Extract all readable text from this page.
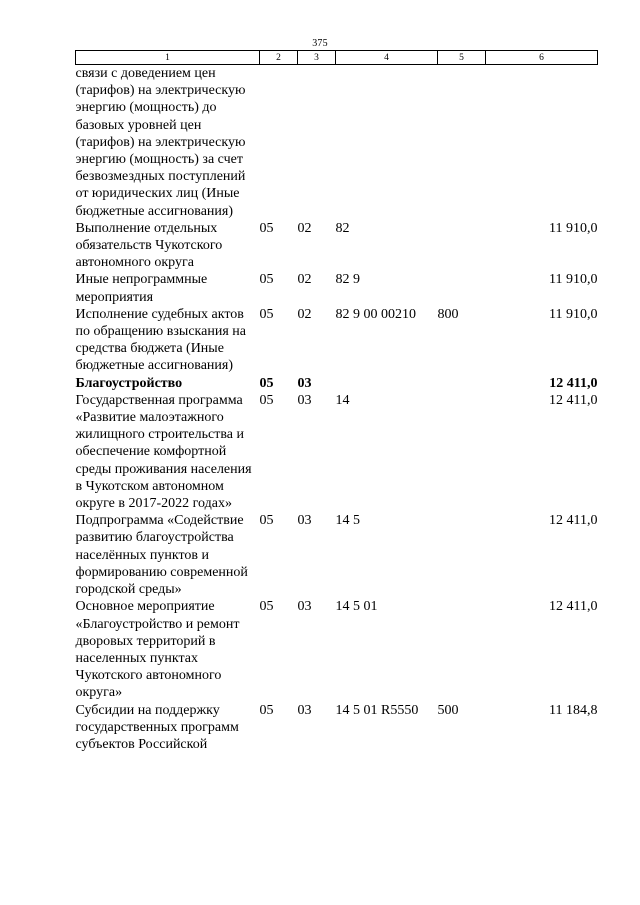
375
1	2	3	4	5	6
связи с доведением цен (тарифов) на электрическую энергию (мощность) до базовых уровней цен (тарифов) на электрическую энергию (мощность) за счет безвозмездных поступлений от юридических лиц (Иные бюджетные ассигнования)					
Выполнение отдельных обязательств Чукотского автономного округа	05	02	82		11 910,0
Иные непрограммные мероприятия	05	02	82 9		11 910,0
Исполнение судебных актов по обращению взыскания на средства бюджета (Иные бюджетные ассигнования)	05	02	82 9 00 00210	800	11 910,0
Благоустройство	05	03			12 411,0
Государственная программа «Развитие малоэтажного жилищного строительства и обеспечение комфортной среды проживания населения в Чукотском автономном округе в 2017-2022 годах»	05	03	14		12 411,0
Подпрограмма «Содействие развитию благоустройства населённых пунктов и формированию современной городской среды»	05	03	14 5		12 411,0
Основное мероприятие «Благоустройство и ремонт дворовых территорий в населенных пунктах Чукотского автономного округа»	05	03	14 5 01		12 411,0
Субсидии на поддержку государственных программ субъектов Российской	05	03	14 5 01 R5550	500	11 184,8
